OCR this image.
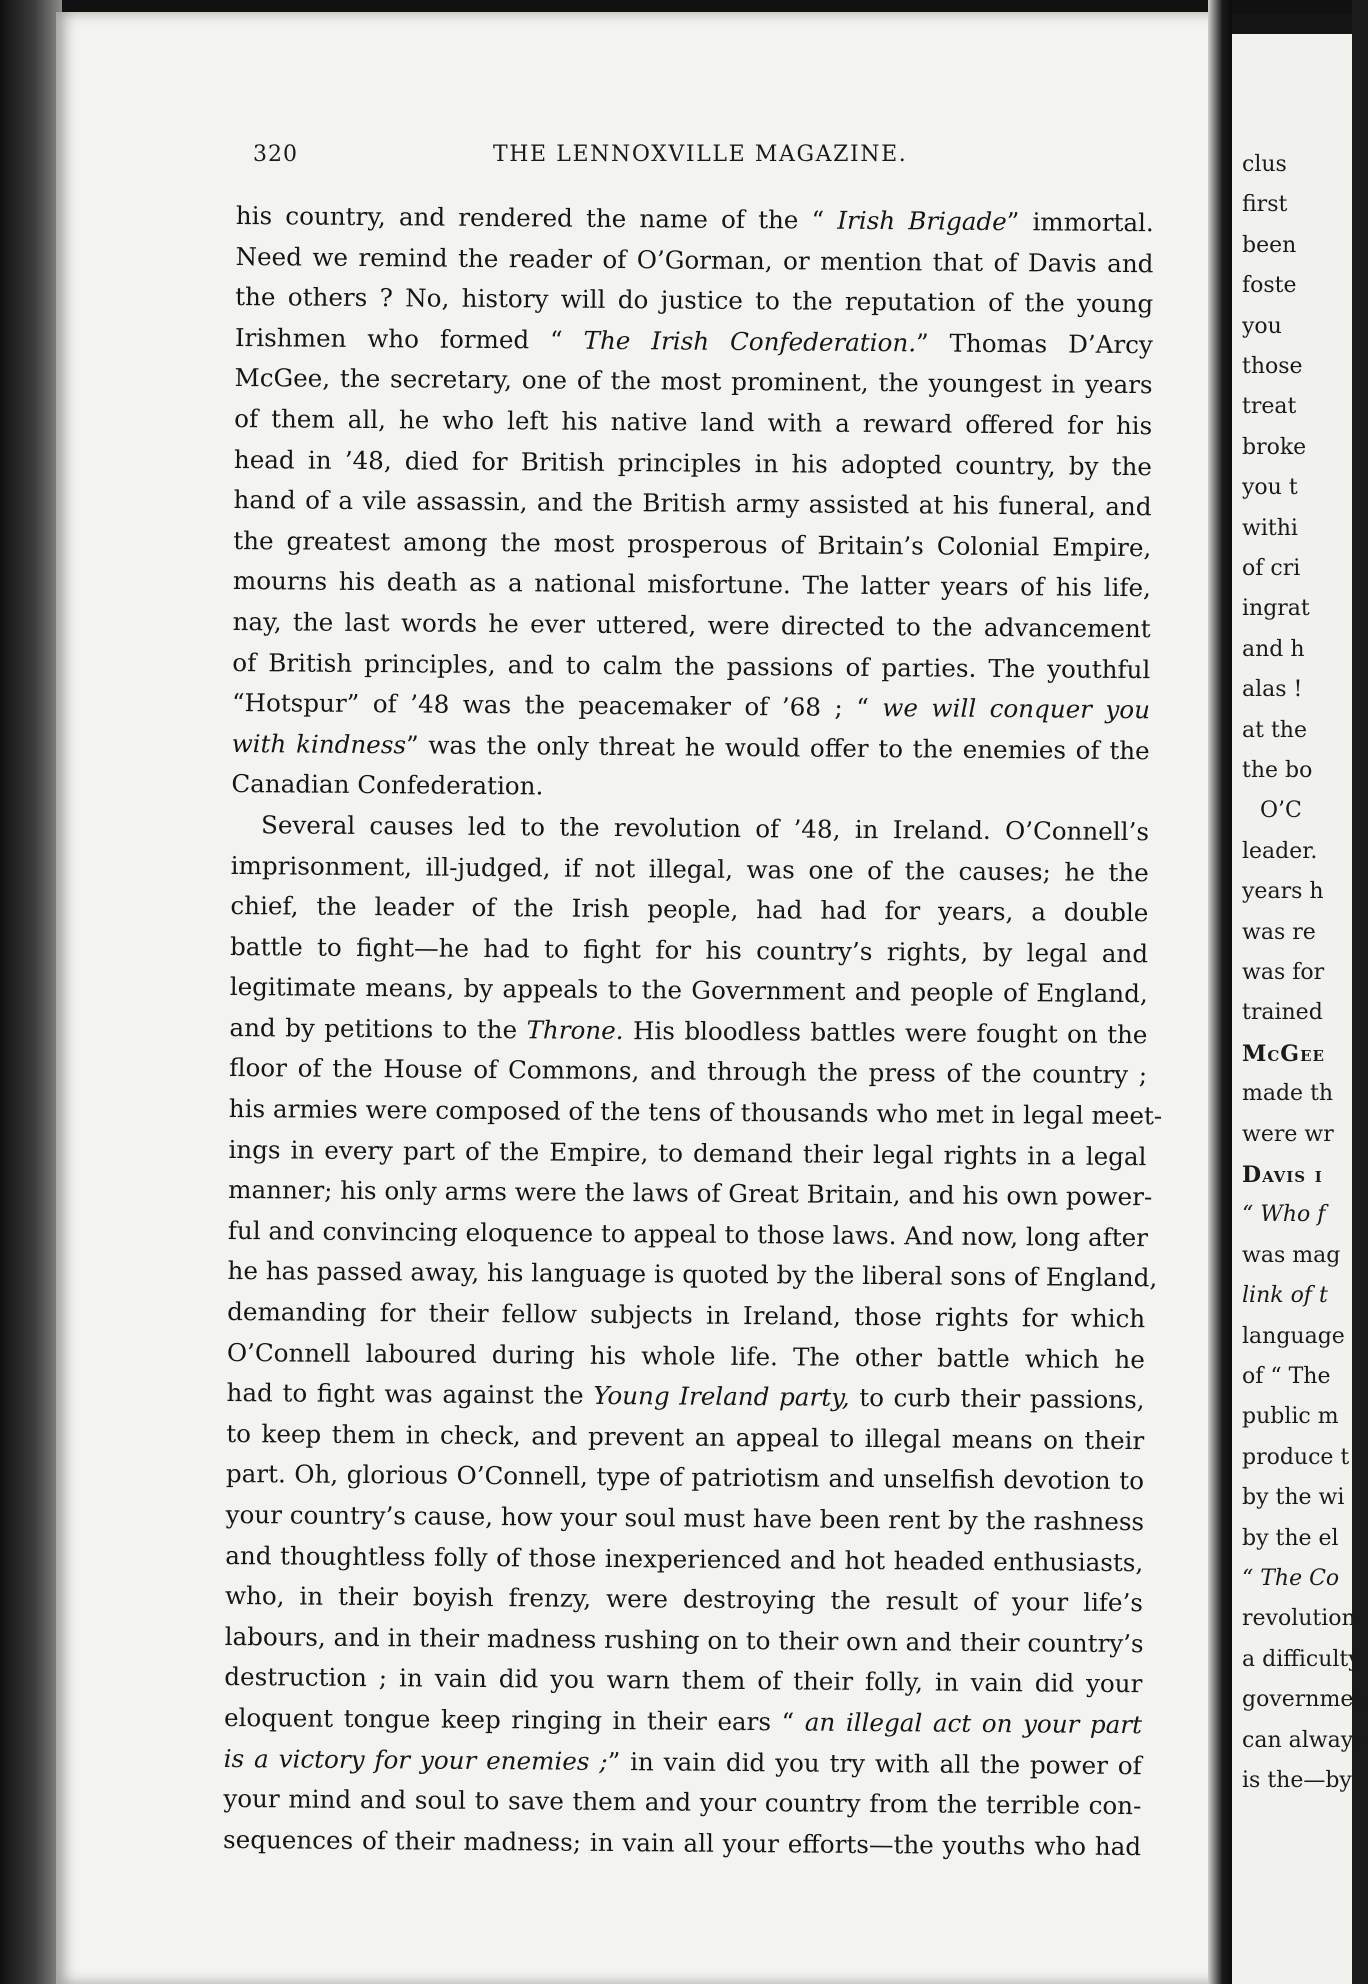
320	THE LENNOXVILLE MAGAZINE.
his country, and rendered the name of the “ Irish Brigade” immortal.
Need we remind the reader of O’Gorman, or mention that of Davis and
the others ? No, history will do justice to the reputation of the young
Irishmen who formed “ The Irish Confederation.” Thomas D’Arcy
McGee, the secretary, one of the most prominent, the youngest in years
of them all, he who left his native land with a reward offered for his
head in ’48, died for British principles in his adopted country, by the
hand of a vile assassin, and the British army assisted at his funeral, and
the greatest among the most prosperous of Britain’s Colonial Empire,
mourns his death as a national misfortune. The latter years of his life,
nay, the last words he ever uttered, were directed to the advancement
of British principles, and to calm the passions of parties. The youthful
“Hotspur” of ’48 was the peacemaker of ’68 ; “ we will conquer you
with kindness” was the only threat he would offer to the enemies of the
Canadian Confederation.
Several causes led to the revolution of ’48, in Ireland. O’Connell’s
imprisonment, ill-judged, if not illegal, was one of the causes; he the
chief, the leader of the Irish people, had had for years, a double
battle to fight—he had to fight for his country’s rights, by legal and
legitimate means, by appeals to the Government and people of England,
and by petitions to the Throne. His bloodless battles were fought on the
floor of the House of Commons, and through the press of the country ;
his armies were composed of the tens of thousands who met in legal meet-
ings in every part of the Empire, to demand their legal rights in a legal
manner; his only arms were the laws of Great Britain, and his own power-
ful and convincing eloquence to appeal to those laws. And now, long after
he has passed away, his language is quoted by the liberal sons of England,
demanding for their fellow subjects in Ireland, those rights for which
O’Connell laboured during his whole life. The other battle which he
had to fight was against the Young Ireland party, to curb their passions,
to keep them in check, and prevent an appeal to illegal means on their
part. Oh, glorious O’Connell, type of patriotism and unselfish devotion to
your country’s cause, how your soul must have been rent by the rashness
and thoughtless folly of those inexperienced and hot headed enthusiasts,
who, in their boyish frenzy, were destroying the result of your life’s
labours, and in their madness rushing on to their own and their country’s
destruction ; in vain did you warn them of their folly, in vain did your
eloquent tongue keep ringing in their ears “ an illegal act on your part
is a victory for your enemies ;” in vain did you try with all the power of
your mind and soul to save them and your country from the terrible con-
sequences of their madness; in vain all your efforts—the youths who had
clus
first
been
foste
you
those
treat
broke
you t
withi
of cri
ingrat
and h
alas !
at the
the bo
O’C
leader.
years h
was re
was for
trained
McGee
made th
were wr
Davis i
“ Who f
was mag
link of t
language
of “ The
public m
produce t
by the wi
by the el
“ The Co
revolution
a difficulty
governmen
can always
is the—by
